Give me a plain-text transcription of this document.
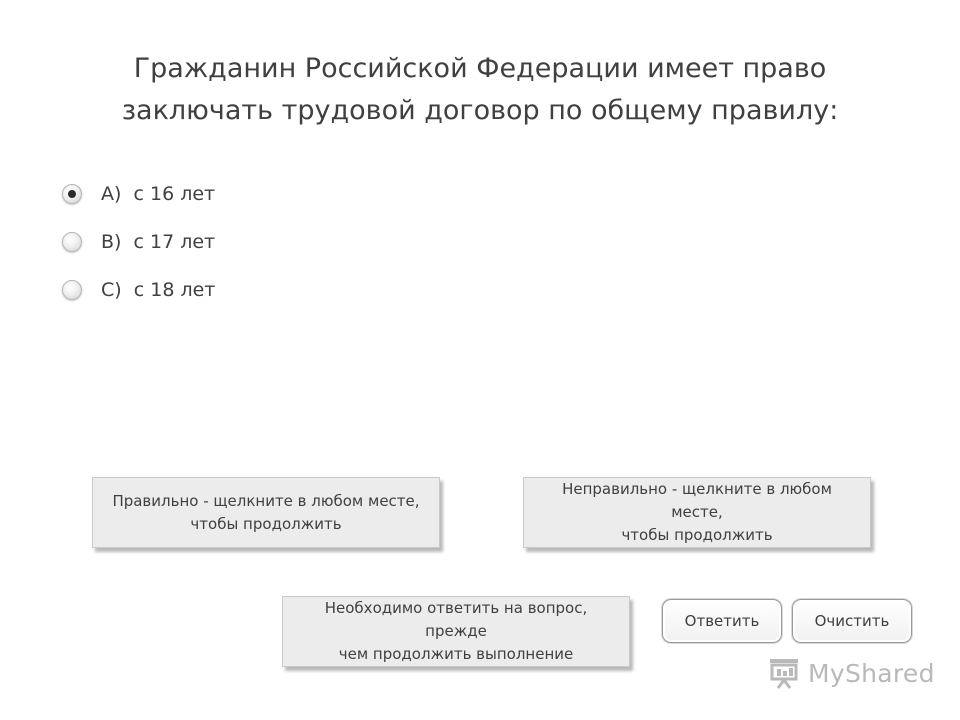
Гражданин Российской Федерации имеет право
заключать трудовой договор по общему правилу:
А)  с 16 лет
B)  с 17 лет
C)  с 18 лет
Правильно - щелкните в любом месте,
чтобы продолжить
Неправильно - щелкните в любом месте,
чтобы продолжить
Необходимо ответить на вопрос, прежде
чем продолжить выполнение
Ответить	Очистить
MyShared
